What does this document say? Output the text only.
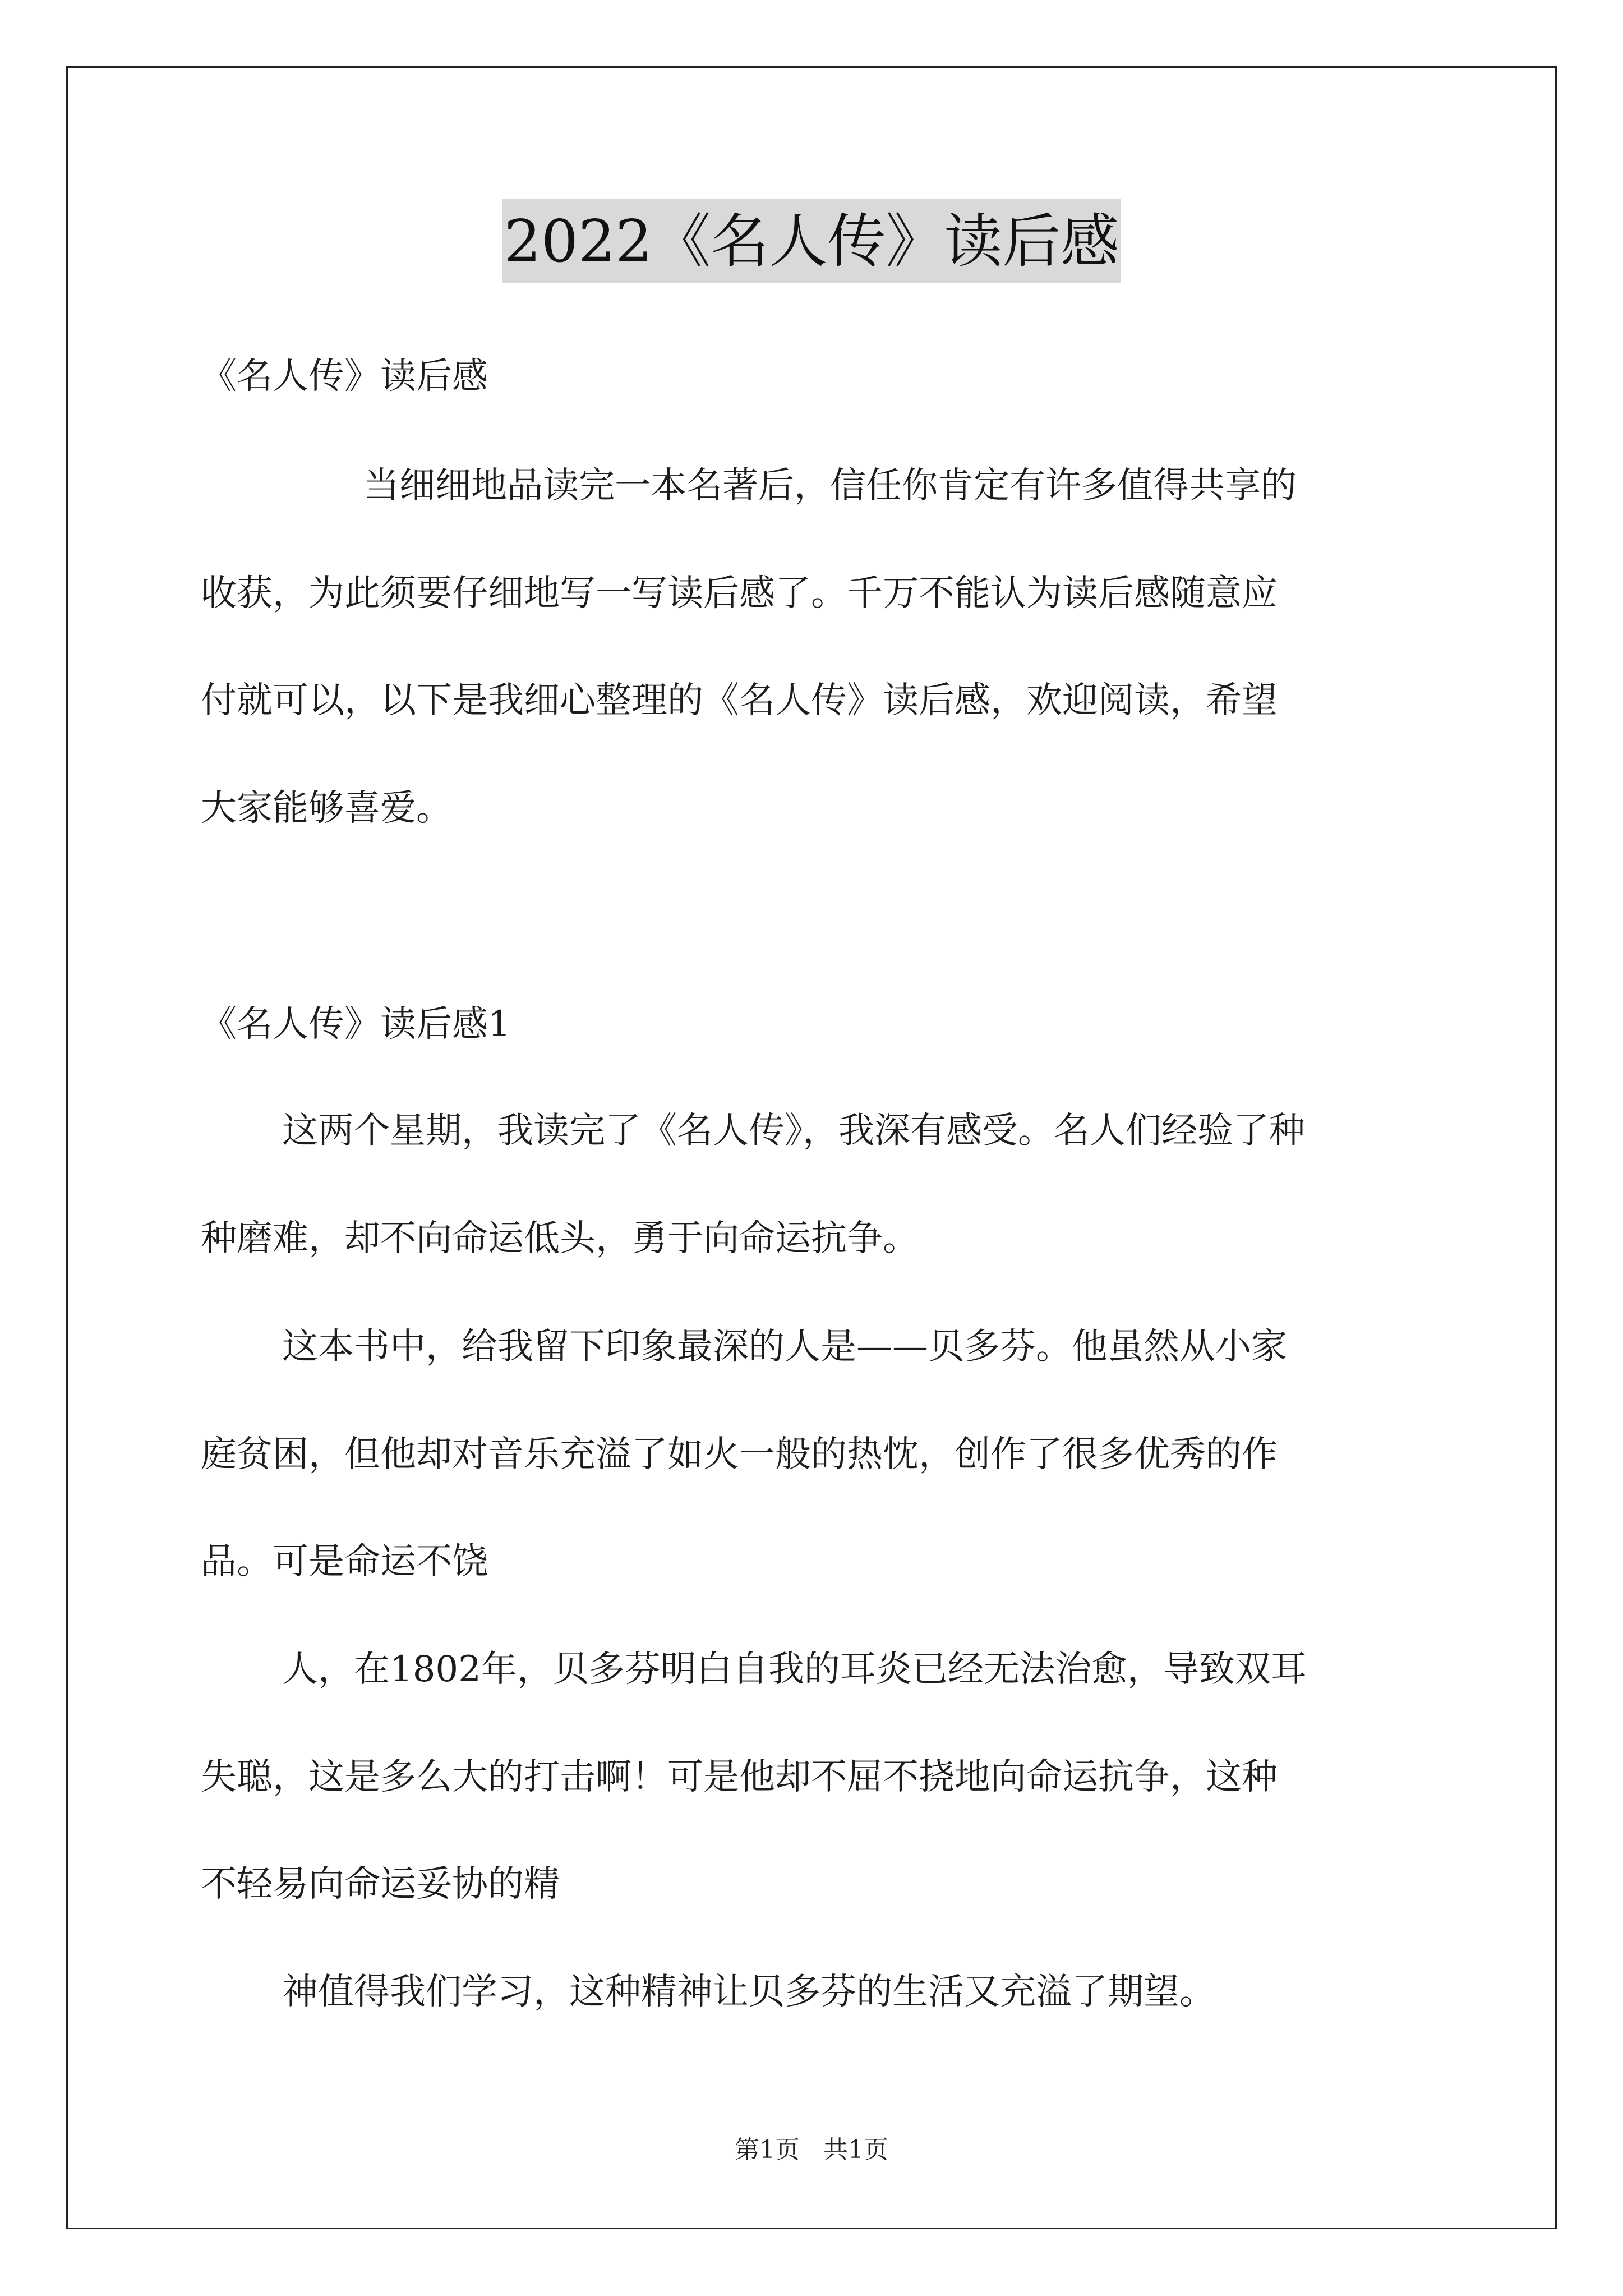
2022《名人传》读后感
《名人传》读后感
当细细地品读完一本名著后，信任你肯定有许多值得共享的
收获，为此须要仔细地写一写读后感了。千万不能认为读后感随意应
付就可以，以下是我细心整理的《名人传》读后感，欢迎阅读，希望
大家能够喜爱。
《名人传》读后感1
这两个星期，我读完了《名人传》，我深有感受。名人们经验了种
种磨难，却不向命运低头，勇于向命运抗争。
这本书中，给我留下印象最深的人是——贝多芬。他虽然从小家
庭贫困，但他却对音乐充溢了如火一般的热忱，创作了很多优秀的作
品。可是命运不饶
人，在1802年，贝多芬明白自我的耳炎已经无法治愈，导致双耳
失聪，这是多么大的打击啊！可是他却不屈不挠地向命运抗争，这种
不轻易向命运妥协的精
神值得我们学习，这种精神让贝多芬的生活又充溢了期望。
第1页   共1页
